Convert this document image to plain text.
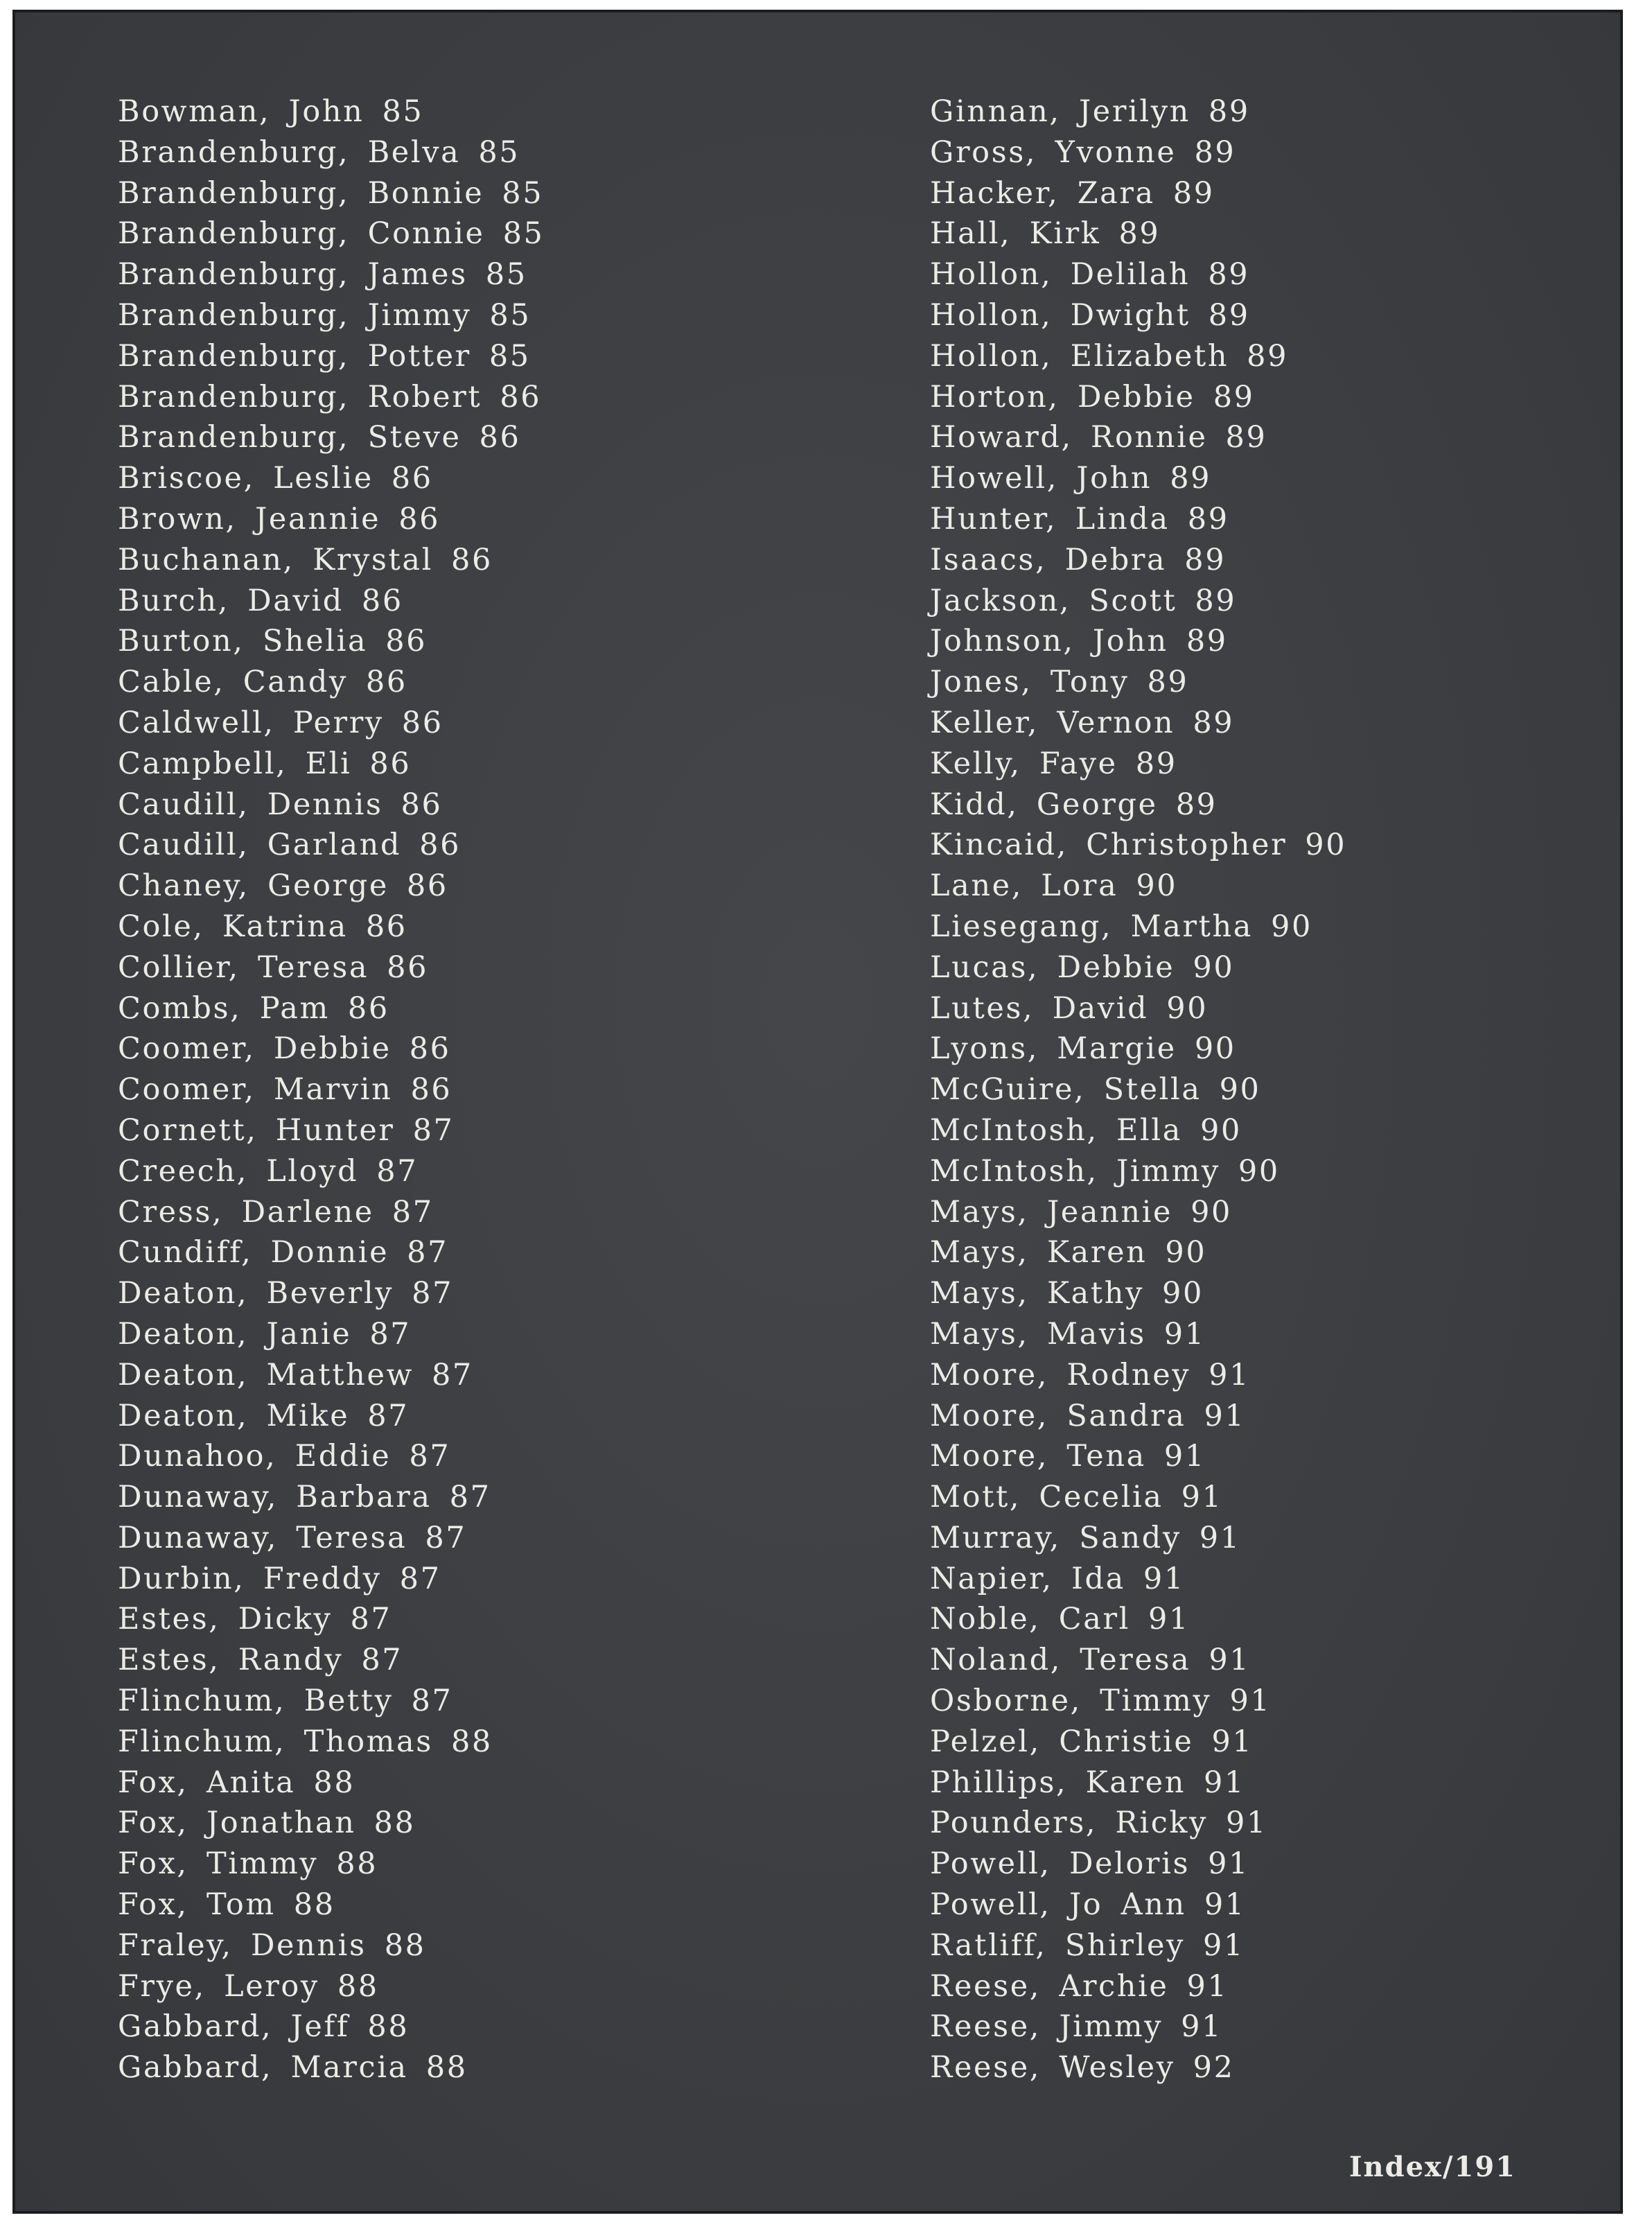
Bowman, John 85
Brandenburg, Belva 85
Brandenburg, Bonnie 85
Brandenburg, Connie 85
Brandenburg, James 85
Brandenburg, Jimmy 85
Brandenburg, Potter 85
Brandenburg, Robert 86
Brandenburg, Steve 86
Briscoe, Leslie 86
Brown, Jeannie 86
Buchanan, Krystal 86
Burch, David 86
Burton, Shelia 86
Cable, Candy 86
Caldwell, Perry 86
Campbell, Eli 86
Caudill, Dennis 86
Caudill, Garland 86
Chaney, George 86
Cole, Katrina 86
Collier, Teresa 86
Combs, Pam 86
Coomer, Debbie 86
Coomer, Marvin 86
Cornett, Hunter 87
Creech, Lloyd 87
Cress, Darlene 87
Cundiff, Donnie 87
Deaton, Beverly 87
Deaton, Janie 87
Deaton, Matthew 87
Deaton, Mike 87
Dunahoo, Eddie 87
Dunaway, Barbara 87
Dunaway, Teresa 87
Durbin, Freddy 87
Estes, Dicky 87
Estes, Randy 87
Flinchum, Betty 87
Flinchum, Thomas 88
Fox, Anita 88
Fox, Jonathan 88
Fox, Timmy 88
Fox, Tom 88
Fraley, Dennis 88
Frye, Leroy 88
Gabbard, Jeff 88
Gabbard, Marcia 88
Ginnan, Jerilyn 89
Gross, Yvonne 89
Hacker, Zara 89
Hall, Kirk 89
Hollon, Delilah 89
Hollon, Dwight 89
Hollon, Elizabeth 89
Horton, Debbie 89
Howard, Ronnie 89
Howell, John 89
Hunter, Linda 89
Isaacs, Debra 89
Jackson, Scott 89
Johnson, John 89
Jones, Tony 89
Keller, Vernon 89
Kelly, Faye 89
Kidd, George 89
Kincaid, Christopher 90
Lane, Lora 90
Liesegang, Martha 90
Lucas, Debbie 90
Lutes, David 90
Lyons, Margie 90
McGuire, Stella 90
McIntosh, Ella 90
McIntosh, Jimmy 90
Mays, Jeannie 90
Mays, Karen 90
Mays, Kathy 90
Mays, Mavis 91
Moore, Rodney 91
Moore, Sandra 91
Moore, Tena 91
Mott, Cecelia 91
Murray, Sandy 91
Napier, Ida 91
Noble, Carl 91
Noland, Teresa 91
Osborne, Timmy 91
Pelzel, Christie 91
Phillips, Karen 91
Pounders, Ricky 91
Powell, Deloris 91
Powell, Jo Ann 91
Ratliff, Shirley 91
Reese, Archie 91
Reese, Jimmy 91
Reese, Wesley 92
Index/191
